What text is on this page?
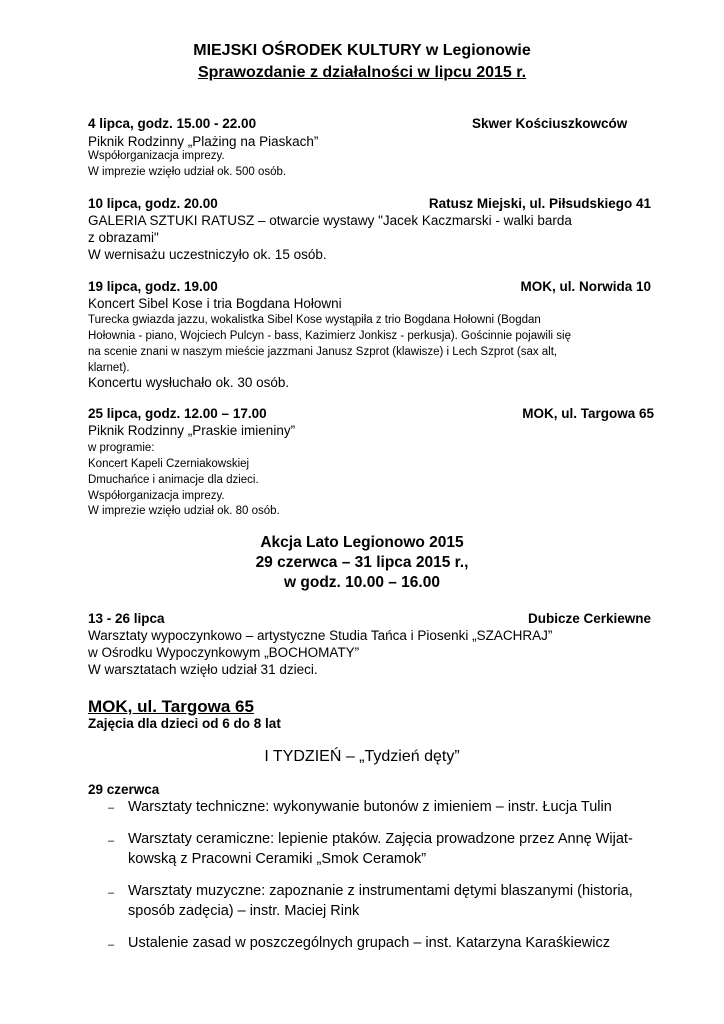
MIEJSKI OŚRODEK KULTURY w Legionowie
Sprawozdanie z działalności w lipcu 2015 r.
4 lipca, godz. 15.00 - 22.00	Skwer Kościuszkowców
Piknik Rodzinny „Plażing na Piaskach”
Współorganizacja imprezy.
W imprezie wzięło udział ok. 500 osób.
10 lipca, godz. 20.00	Ratusz Miejski, ul. Piłsudskiego 41
GALERIA SZTUKI RATUSZ – otwarcie wystawy "Jacek Kaczmarski - walki barda
z obrazami"
W wernisażu uczestniczyło ok. 15 osób.
19 lipca, godz. 19.00	MOK, ul. Norwida 10
Koncert Sibel Kose i tria Bogdana Hołowni
Turecka gwiazda jazzu, wokalistka Sibel Kose wystąpiła z trio Bogdana Hołowni (Bogdan
Hołownia - piano, Wojciech Pulcyn - bass, Kazimierz Jonkisz - perkusja). Gościnnie pojawili się
na scenie znani w naszym mieście jazzmani Janusz Szprot (klawisze) i Lech Szprot (sax alt,
klarnet).
Koncertu wysłuchało ok. 30 osób.
25 lipca, godz. 12.00 – 17.00	MOK, ul. Targowa 65
Piknik Rodzinny „Praskie imieniny”
w programie:
Koncert Kapeli Czerniakowskiej
Dmuchańce i animacje dla dzieci.
Współorganizacja imprezy.
W imprezie wzięło udział ok. 80 osób.
Akcja Lato Legionowo 2015
29 czerwca – 31 lipca 2015 r.,
w godz. 10.00 – 16.00
13 - 26 lipca	Dubicze Cerkiewne
Warsztaty wypoczynkowo – artystyczne Studia Tańca i Piosenki „SZACHRAJ”
w Ośrodku Wypoczynkowym „BOCHOMATY”
W warsztatach wzięło udział 31 dzieci.
MOK, ul. Targowa 65
Zajęcia dla dzieci od 6 do 8 lat
I TYDZIEŃ – „Tydzień dęty”
29 czerwca
– Warsztaty techniczne: wykonywanie butonów z imieniem – instr. Łucja Tulin
– Warsztaty ceramiczne: lepienie ptaków. Zajęcia prowadzone przez Annę Wijat-
kowską z Pracowni Ceramiki „Smok Ceramok”
– Warsztaty muzyczne: zapoznanie z instrumentami dętymi blaszanymi (historia,
sposób zadęcia) – instr. Maciej Rink
– Ustalenie zasad w poszczególnych grupach – inst. Katarzyna Karaśkiewicz
